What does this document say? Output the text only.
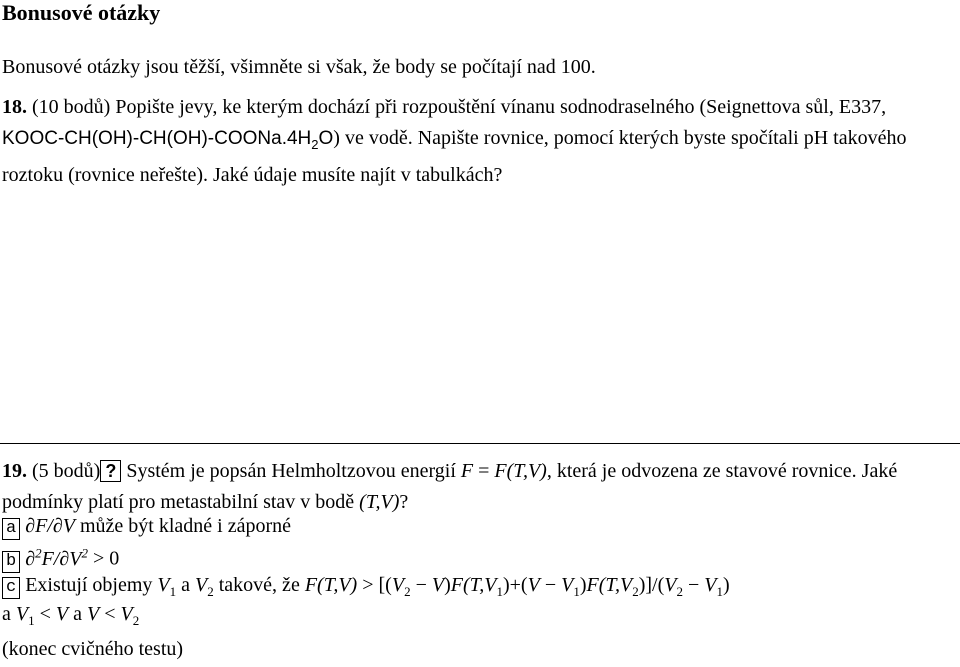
Bonusové otázky
Bonusové otázky jsou těžší, všimněte si však, že body se počítají nad 100.
18. (10 bodů) Popište jevy, ke kterým dochází při rozpouštění vínanu sodnodraselného (Seignettova sůl, E337, KOOC-$CH(OH)-CH(OH)-COONa.4H_2O$) ve vodě. Napište rovnice, pomocí kterých byste spočítali pH takového roztoku (rovnice neřešte). Jaké údaje musíte najít v tabulkách?
19. (5 bodů) ? Systém je popsán Helmholtzovou energií F = F(T,V), která je odvozena ze stavové rovnice. Jaké podmínky platí pro metastabilní stav v bodě (T,V)?
a ∂F/∂V může být kladné i záporné
b $\partial^2F/\partial V^2 > 0$
c Existují objemy $V_1$ a $V_2$ takové, že $F(T,V) > [(V_2 - V)F(T,V_1)+(V - V_1)F(T,V_2)]/(V_2 - V_1)$
a $V_1 < V$ a $V < V_2$
(konec cvičného testu)
